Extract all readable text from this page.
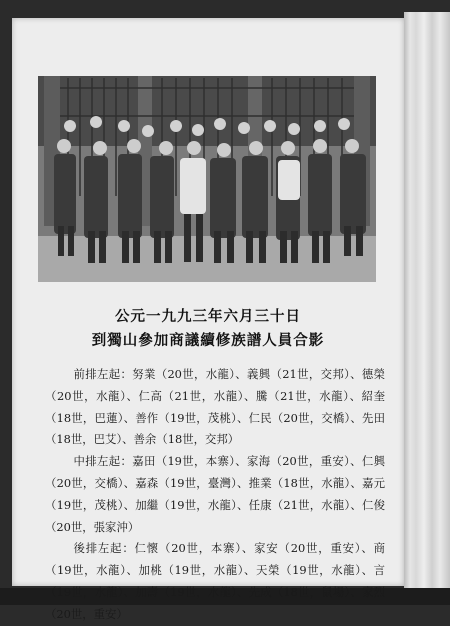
公元一九九三年六月三十日
到獨山參加商議續修族譜人員合影

前排左起：努業（20世，水龍）、義興（21世，交邦）、德榮（20世，水龍）、仁高（21世，水龍）、騰（21世，水龍）、紹奎（18世，巴蓮）、善作（19世，茂桃）、仁民（20世，交橋）、先田（18世，巴艾）、善余（18世，交邦）

中排左起：嘉田（19世，本寨）、家海（20世，重安）、仁興（20世，交橋）、嘉森（19世，臺灣）、推業（18世，水龍）、嘉元（19世，茂桃）、加繼（19世，水龍）、任康（21世，水龍）、仁俊（20世，張家沖）

後排左起：仁懷（20世，本寨）、家安（20世，重安）、商（19世，水龍）、加桃（19世，水龍）、天榮（19世，水龍）、言（19世，水龍）、加壽（19世，水龍）、先成（18世，鼠場）、家烈（20世，重安）
